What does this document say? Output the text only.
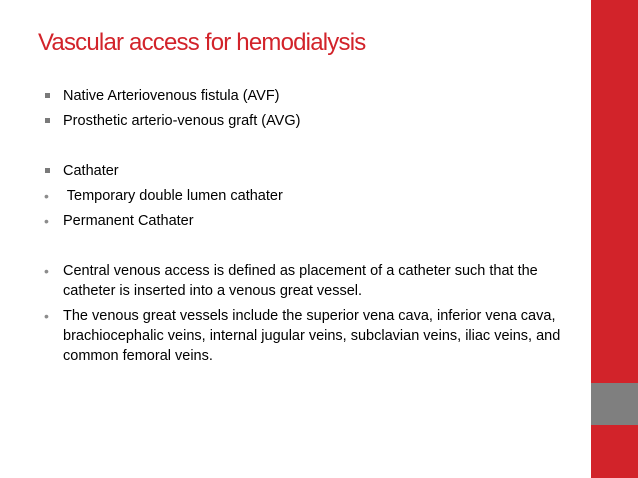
Vascular access for hemodialysis
Native Arteriovenous fistula (AVF)
Prosthetic arterio-venous graft (AVG)
Cathater
• Temporary double lumen cathater
• Permanent Cathater
• Central venous access is defined as placement of a catheter such that the catheter is inserted into a venous great vessel.
• The venous great vessels include the superior vena cava, inferior vena cava, brachiocephalic veins, internal jugular veins, subclavian veins, iliac veins, and common femoral veins.
